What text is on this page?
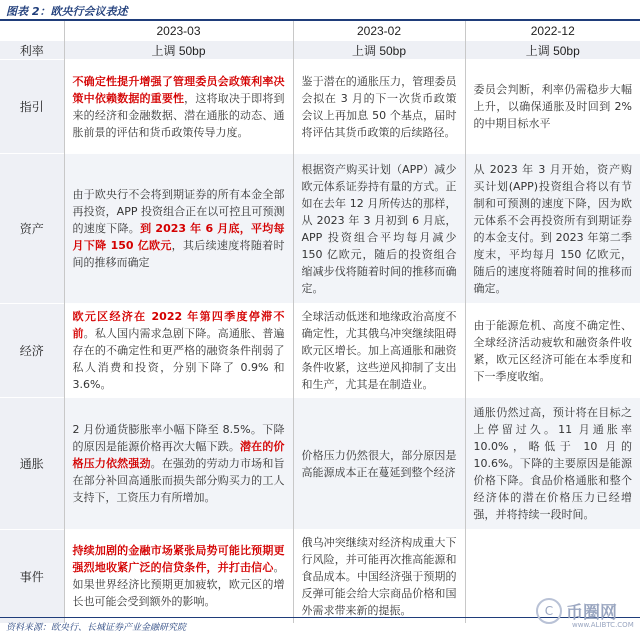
图表 2：欧央行会议表述
	2023-03	2023-02	2022-12
利率	上调 50bp	上调 50bp	上调 50bp
指引	不确定性提升增强了管理委员会政策利率决策中依赖数据的重要性，这将取决于即将到来的经济和金融数据、潜在通胀的动态、通胀前景的评估和货币政策传导力度。	鉴于潜在的通胀压力，管理委员会拟在 3 月的下一次货币政策会议上再加息 50 个基点，届时将评估其货币政策的后续路径。	委员会判断，利率仍需稳步大幅上升，以确保通胀及时回到 2% 的中期目标水平
资产	由于欧央行不会将到期证券的所有本金全部再投资，APP 投资组合正在以可控且可预测的速度下降。到 2023 年 6 月底，平均每月下降 150 亿欧元，其后续速度将随着时间的推移而确定	根据资产购买计划（APP）减少欧元体系证券持有量的方式。正如在去年 12 月所传达的那样，从 2023 年 3 月初到 6 月底，APP 投资组合平均每月减少 150 亿欧元，随后的投资组合缩减步伐将随着时间的推移而确定。	从 2023 年 3 月开始，资产购买计划(APP)投资组合将以有节制和可预测的速度下降，因为欧元体系不会再投资所有到期证券的本金支付。到 2023 年第二季度末，平均每月 150 亿欧元，随后的速度将随着时间的推移而确定。
经济	欧元区经济在 2022 年第四季度停滞不前。私人国内需求急剧下降。高通胀、普遍存在的不确定性和更严格的融资条件削弱了私人消费和投资，分别下降了 0.9% 和 3.6%。	全球活动低迷和地缘政治高度不确定性，尤其俄乌冲突继续阻碍欧元区增长。加上高通胀和融资条件收紧，这些逆风抑制了支出和生产，尤其是在制造业。	由于能源危机、高度不确定性、全球经济活动疲软和融资条件收紧，欧元区经济可能在本季度和下一季度收缩。
通胀	2 月份通货膨胀率小幅下降至 8.5%。下降的原因是能源价格再次大幅下跌。潜在的价格压力依然强劲。在强劲的劳动力市场和旨在部分补回高通胀而损失部分购买力的工人支持下，工资压力有所增加。	价格压力仍然很大，部分原因是高能源成本正在蔓延到整个经济	通胀仍然过高，预计将在目标之上停留过久。11 月通胀率 10.0%，略低于 10 月的 10.6%。下降的主要原因是能源价格下降。食品价格通胀和整个经济体的潜在价格压力已经增强，并将持续一段时间。
事件	持续加剧的金融市场紧张局势可能比预期更强烈地收紧广泛的信贷条件，并打击信心。如果世界经济比预期更加疲软，欧元区的增长也可能会受到额外的影响。	俄乌冲突继续对经济构成重大下行风险，并可能再次推高能源和食品成本。中国经济强于预期的反弹可能会给大宗商品价格和国外需求带来新的提振。	
资料来源：欧央行、长城证券产业金融研究院
C 币圈网
www.ALIBTC.COM
